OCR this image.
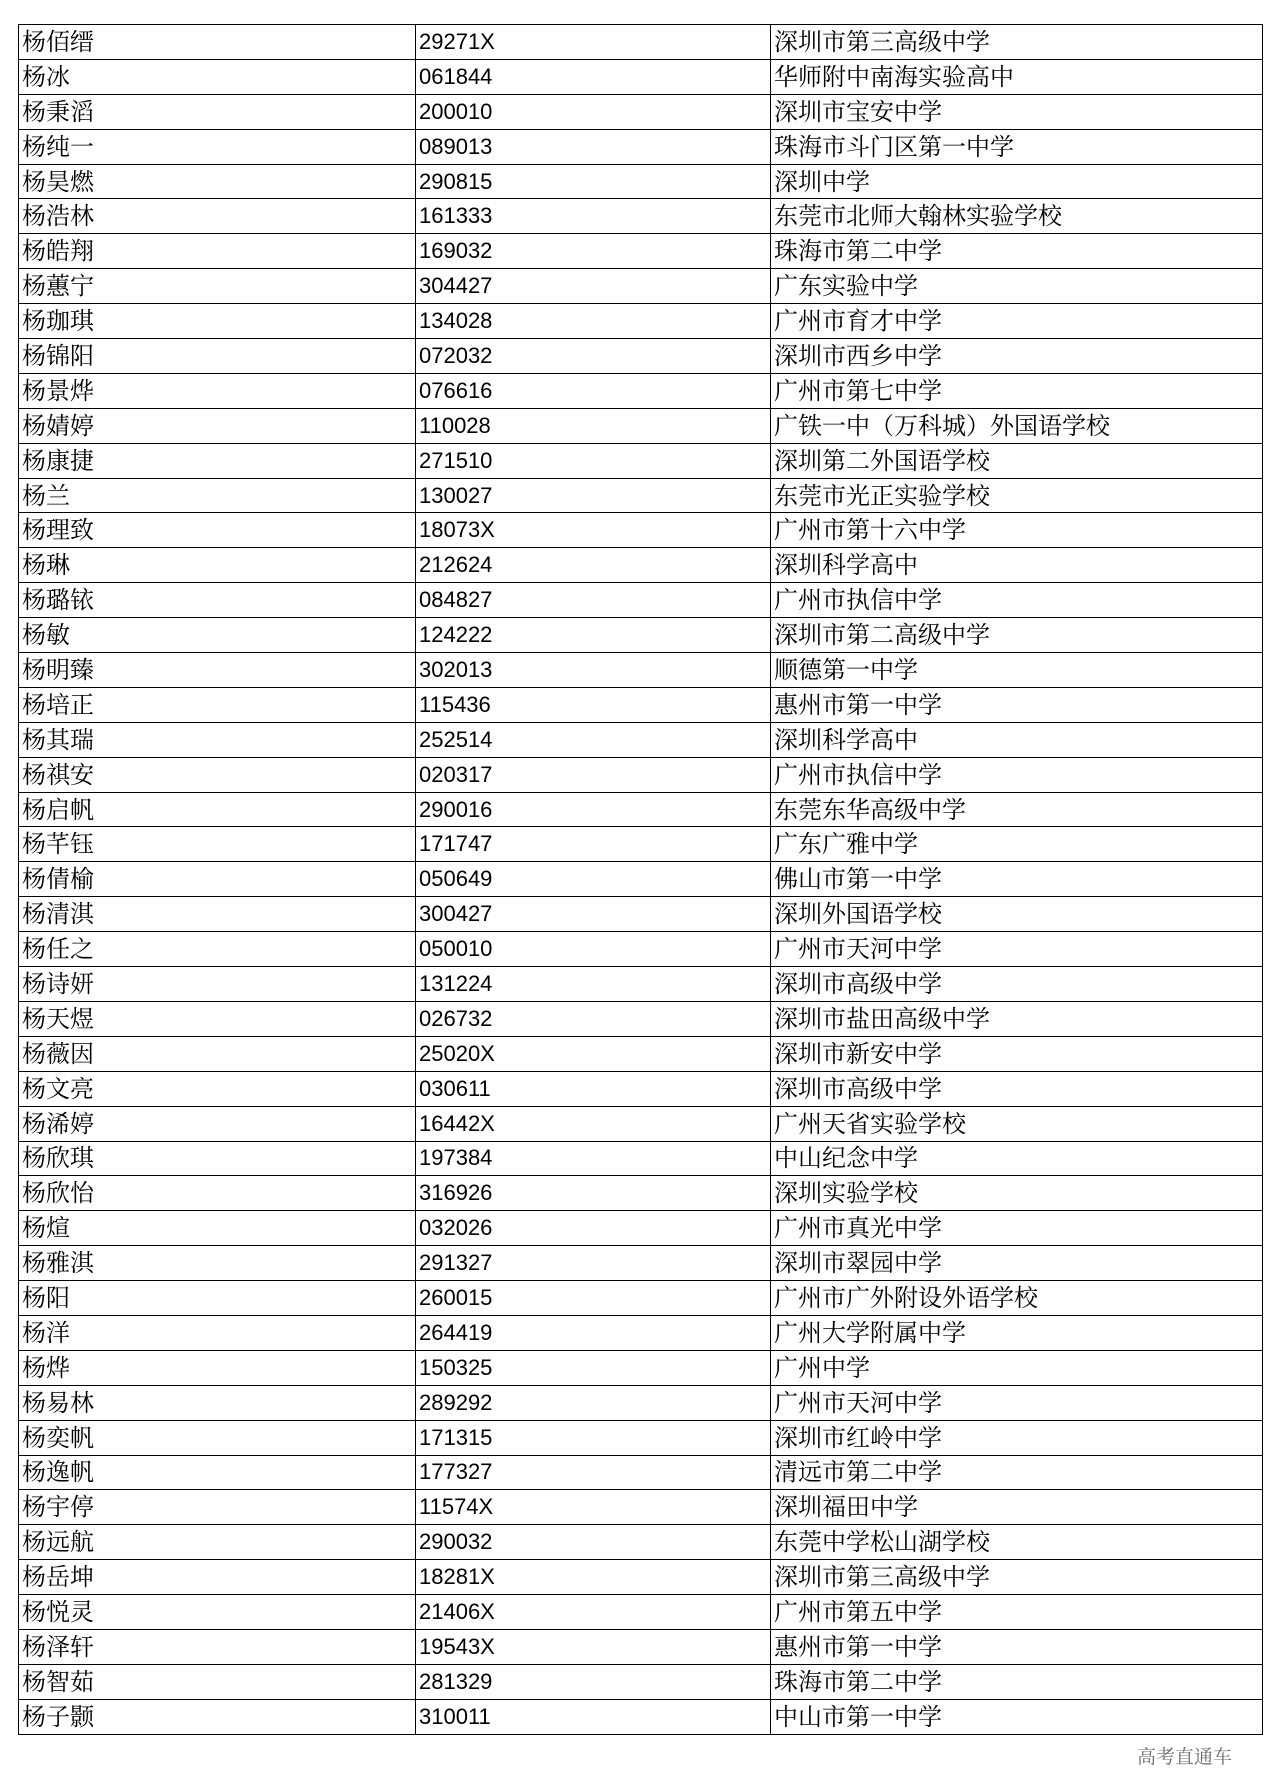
杨佰缙	29271X	深圳市第三高级中学
杨冰	061844	华师附中南海实验高中
杨秉滔	200010	深圳市宝安中学
杨纯一	089013	珠海市斗门区第一中学
杨昊燃	290815	深圳中学
杨浩林	161333	东莞市北师大翰林实验学校
杨皓翔	169032	珠海市第二中学
杨蕙宁	304427	广东实验中学
杨珈琪	134028	广州市育才中学
杨锦阳	072032	深圳市西乡中学
杨景烨	076616	广州市第七中学
杨婧婷	110028	广铁一中（万科城）外国语学校
杨康捷	271510	深圳第二外国语学校
杨兰	130027	东莞市光正实验学校
杨理致	18073X	广州市第十六中学
杨琳	212624	深圳科学高中
杨璐铱	084827	广州市执信中学
杨敏	124222	深圳市第二高级中学
杨明臻	302013	顺德第一中学
杨培正	115436	惠州市第一中学
杨其瑞	252514	深圳科学高中
杨祺安	020317	广州市执信中学
杨启帆	290016	东莞东华高级中学
杨芊钰	171747	广东广雅中学
杨倩榆	050649	佛山市第一中学
杨清淇	300427	深圳外国语学校
杨任之	050010	广州市天河中学
杨诗妍	131224	深圳市高级中学
杨天煜	026732	深圳市盐田高级中学
杨薇因	25020X	深圳市新安中学
杨文亮	030611	深圳市高级中学
杨浠婷	16442X	广州天省实验学校
杨欣琪	197384	中山纪念中学
杨欣怡	316926	深圳实验学校
杨煊	032026	广州市真光中学
杨雅淇	291327	深圳市翠园中学
杨阳	260015	广州市广外附设外语学校
杨洋	264419	广州大学附属中学
杨烨	150325	广州中学
杨易林	289292	广州市天河中学
杨奕帆	171315	深圳市红岭中学
杨逸帆	177327	清远市第二中学
杨宇停	11574X	深圳福田中学
杨远航	290032	东莞中学松山湖学校
杨岳坤	18281X	深圳市第三高级中学
杨悦灵	21406X	广州市第五中学
杨泽轩	19543X	惠州市第一中学
杨智茹	281329	珠海市第二中学
杨子颢	310011	中山市第一中学
高考直通车
